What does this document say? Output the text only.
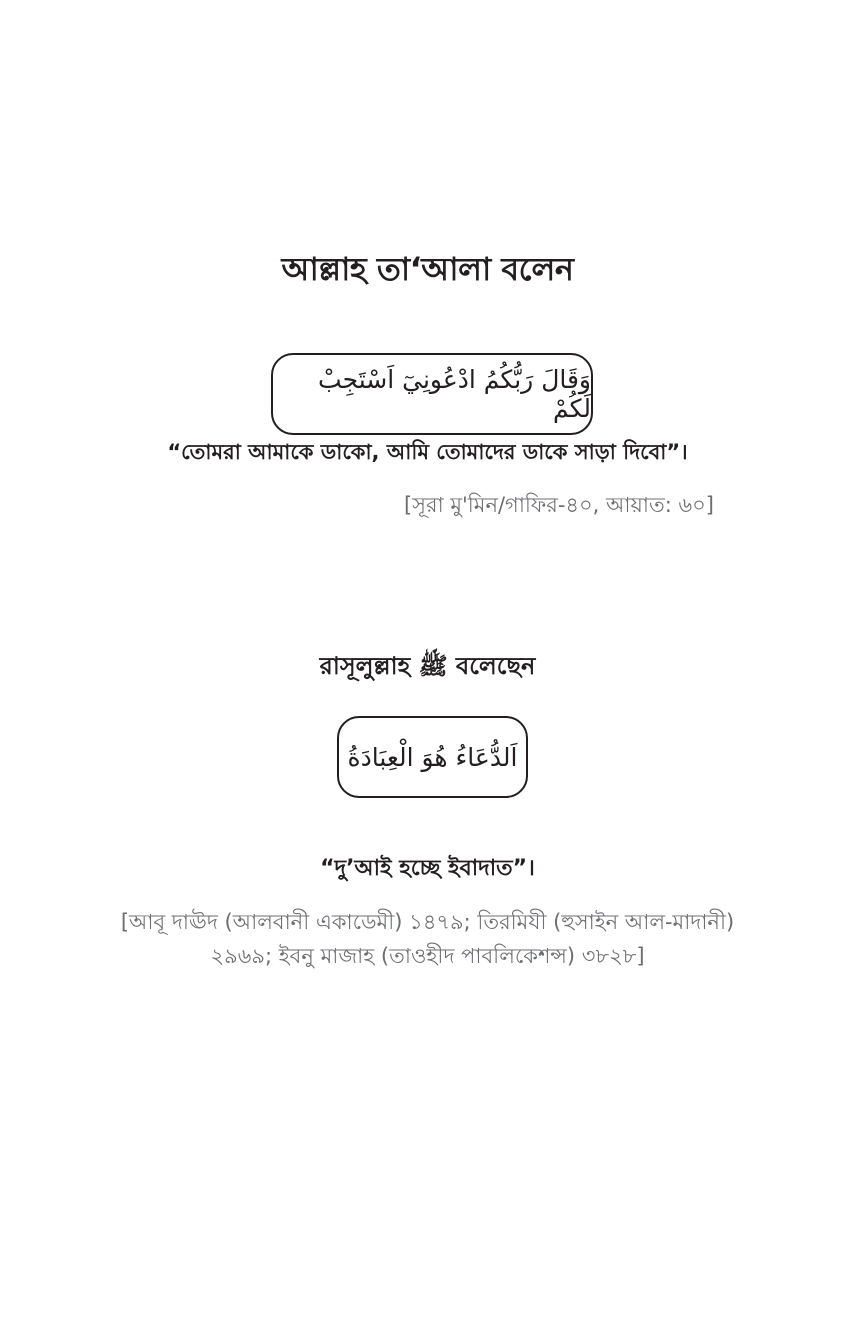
আল্লাহ তা‘আলা বলেন
وَقَالَ رَبُّكُمُ ادْعُونِيٓ اَسْتَجِبْ لَكُمْ
“তোমরা আমাকে ডাকো, আমি তোমাদের ডাকে সাড়া দিবো”।
[সূরা মু'মিন/গাফির-৪০, আয়াত: ৬০]
রাসূলুল্লাহ ﷺ বলেছেন
اَلدُّعَاءُ هُوَ الْعِبَادَةُ
“দু’আই হচ্ছে ইবাদাত”।
[আবূ দাঊদ (আলবানী একাডেমী) ১৪৭৯; তিরমিযী (হুসাইন আল-মাদানী)
২৯৬৯; ইবনু মাজাহ (তাওহীদ পাবলিকেশন্স) ৩৮২৮]
